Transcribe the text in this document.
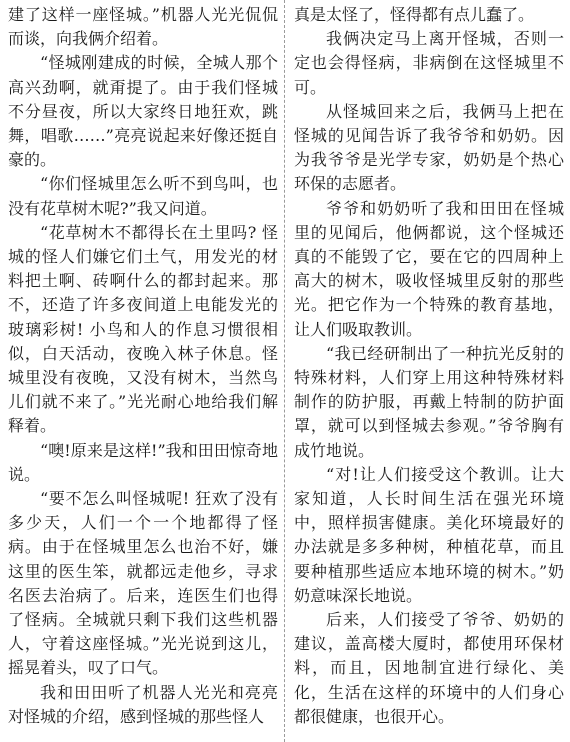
建了这样一座怪城。”机器人光光侃侃而谈，向我俩介绍着。

“怪城刚建成的时候，全城人那个高兴劲啊，就甭提了。由于我们怪城不分昼夜，所以大家终日地狂欢，跳舞，唱歌……”亮亮说起来好像还挺自豪的。

“你们怪城里怎么听不到鸟叫，也没有花草树木呢?”我又问道。

“花草树木不都得长在土里吗? 怪城的怪人们嫌它们土气，用发光的材料把土啊、砖啊什么的都封起来。那不，还造了许多夜间道上电能发光的玻璃彩树! 小鸟和人的作息习惯很相似，白天活动，夜晚入林子休息。怪城里没有夜晚，又没有树木，当然鸟儿们就不来了。”光光耐心地给我们解释着。

“噢!原来是这样!”我和田田惊奇地说。

“要不怎么叫怪城呢! 狂欢了没有多少天，人们一个一个地都得了怪病。由于在怪城里怎么也治不好，嫌这里的医生笨，就都远走他乡，寻求名医去治病了。后来，连医生们也得了怪病。全城就只剩下我们这些机器人，守着这座怪城。”光光说到这儿，摇晃着头，叹了口气。

我和田田听了机器人光光和亮亮对怪城的介绍，感到怪城的那些怪人

真是太怪了，怪得都有点儿蠢了。

我俩决定马上离开怪城，否则一定也会得怪病，非病倒在这怪城里不可。

从怪城回来之后，我俩马上把在怪城的见闻告诉了我爷爷和奶奶。因为我爷爷是光学专家，奶奶是个热心环保的志愿者。

爷爷和奶奶听了我和田田在怪城里的见闻后，他俩都说，这个怪城还真的不能毁了它，要在它的四周种上高大的树木，吸收怪城里反射的那些光。把它作为一个特殊的教育基地，让人们吸取教训。

“我已经研制出了一种抗光反射的特殊材料，人们穿上用这种特殊材料制作的防护服，再戴上特制的防护面罩，就可以到怪城去参观。”爷爷胸有成竹地说。

“对!让人们接受这个教训。让大家知道，人长时间生活在强光环境中，照样损害健康。美化环境最好的办法就是多多种树，种植花草，而且要种植那些适应本地环境的树木。”奶奶意味深长地说。

后来，人们接受了爷爷、奶奶的建议，盖高楼大厦时，都使用环保材料，而且，因地制宜进行绿化、美化，生活在这样的环境中的人们身心都很健康，也很开心。
